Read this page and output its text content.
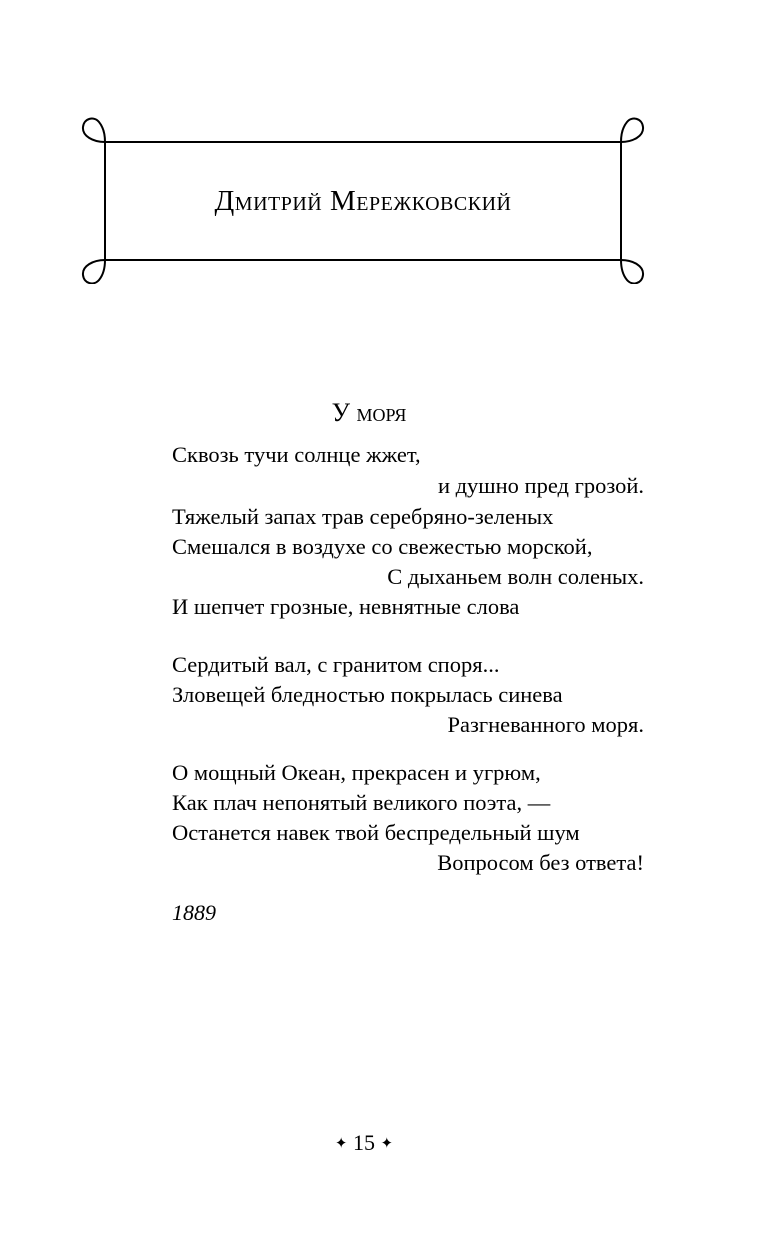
Дмитрий Мережковский
У моря
Сквозь тучи солнце жжет,
и душно пред грозой.
Тяжелый запах трав серебряно-зеленых
Смешался в воздухе со свежестью морской,
С дыханьем волн соленых.
И шепчет грозные, невнятные слова
Сердитый вал, с гранитом споря...
Зловещей бледностью покрылась синева
Разгневанного моря.
О мощный Океан, прекрасен и угрюм,
Как плач непонятый великого поэта, —
Останется навек твой беспредельный шум
Вопросом без ответа!
1889
✦ 15 ✦
